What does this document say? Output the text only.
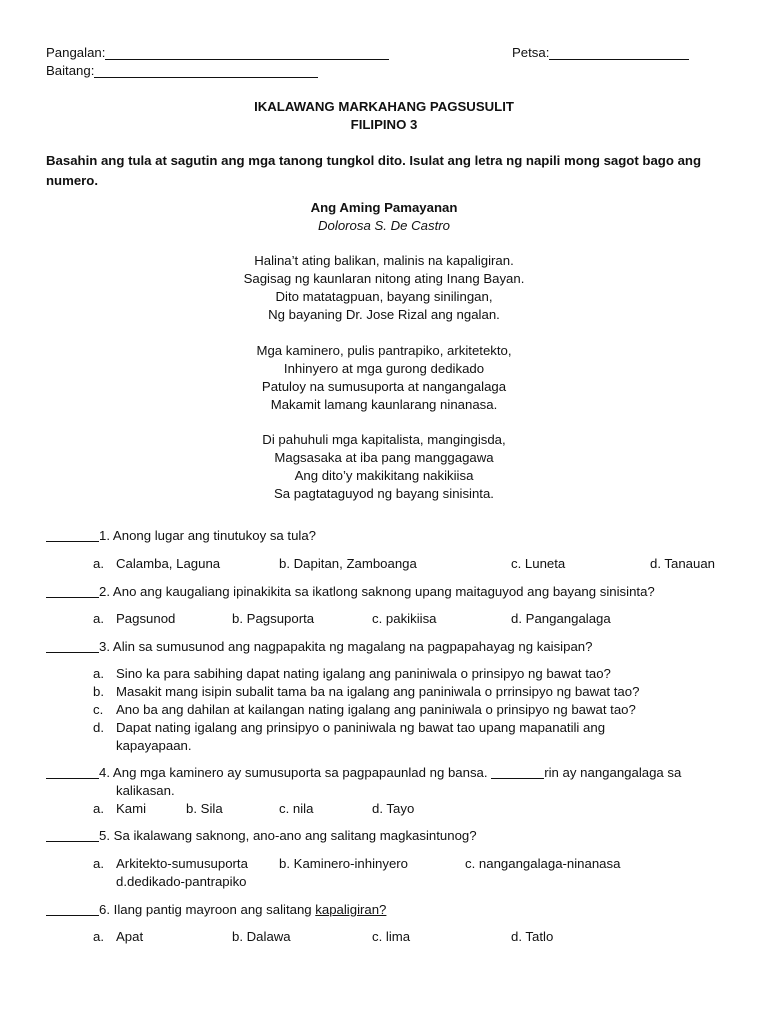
Pangalan:	Petsa:
Baitang:
IKALAWANG MARKAHANG PAGSUSULIT
FILIPINO 3
Basahin ang tula at sagutin ang mga tanong tungkol dito. Isulat ang letra ng napili mong sagot bago ang numero.
Ang Aming Pamayanan
Dolorosa S. De Castro
Halina’t ating balikan, malinis na kapaligiran.
Sagisag ng kaunlaran nitong ating Inang Bayan.
Dito matatagpuan, bayang sinilingan,
Ng bayaning Dr. Jose Rizal ang ngalan.
Mga kaminero, pulis pantrapiko, arkitetekto,
Inhinyero at mga gurong dedikado
Patuloy na sumusuporta at nangangalaga
Makamit lamang kaunlarang ninanasa.
Di pahuhuli mga kapitalista, mangingisda,
Magsasaka at iba pang manggagawa
Ang dito’y makikitang nakikiisa
Sa pagtataguyod ng bayang sinisinta.
1. Anong lugar ang tinutukoy sa tula?
a. Calamba, Laguna	b. Dapitan, Zamboanga	c. Luneta	d. Tanauan
2. Ano ang kaugaliang ipinakikita sa ikatlong saknong upang maitaguyod ang bayang sinisinta?
a. Pagsunod	b. Pagsuporta	c. pakikiisa	d. Pangangalaga
3. Alin sa sumusunod ang nagpapakita ng magalang na pagpapahayag ng kaisipan?
a. Sino ka para sabihing dapat nating igalang ang paniniwala o prinsipyo ng bawat tao?
b. Masakit mang isipin subalit tama ba na igalang ang paniniwala o prrinsipyo ng bawat tao?
c. Ano ba ang dahilan at kailangan nating igalang ang paniniwala o prinsipyo ng bawat tao?
d. Dapat nating igalang ang prinsipyo o paniniwala ng bawat tao upang mapanatili ang
kapayapaan.
4. Ang mga kaminero ay sumusuporta sa pagpapaunlad ng bansa.	rin ay nangangalaga sa
kalikasan.
a. Kami	b. Sila	c. nila	d. Tayo
5. Sa ikalawang saknong, ano-ano ang salitang magkasintunog?
a. Arkitekto-sumusuporta b. Kaminero-inhinyero	c. nangangalaga-ninanasa
d.dedikado-pantrapiko
6. Ilang pantig mayroon ang salitang kapaligiran?
a. Apat	b. Dalawa	c. lima	d. Tatlo
